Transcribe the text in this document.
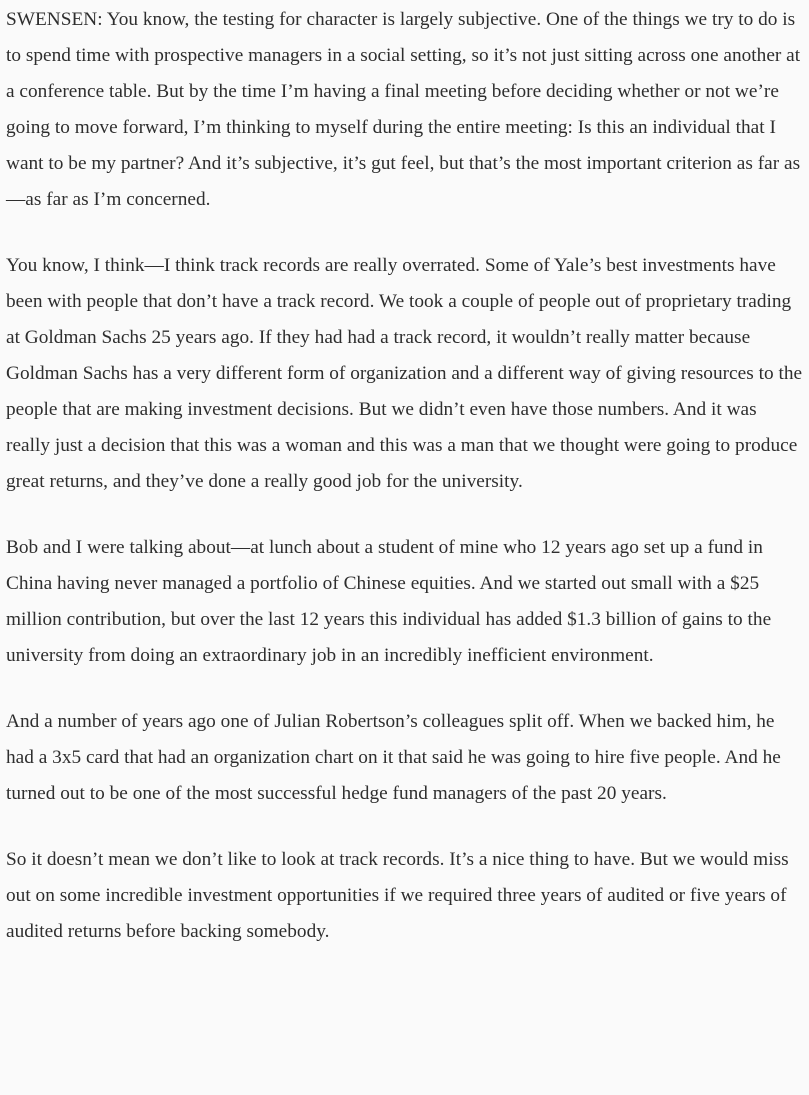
SWENSEN: You know, the testing for character is largely subjective. One of the things we try to do is to spend time with prospective managers in a social setting, so it’s not just sitting across one another at a conference table. But by the time I’m having a final meeting before deciding whether or not we’re going to move forward, I’m thinking to myself during the entire meeting: Is this an individual that I want to be my partner? And it’s subjective, it’s gut feel, but that’s the most important criterion as far as—as far as I’m concerned.

You know, I think—I think track records are really overrated. Some of Yale’s best investments have been with people that don’t have a track record. We took a couple of people out of proprietary trading at Goldman Sachs 25 years ago. If they had had a track record, it wouldn’t really matter because Goldman Sachs has a very different form of organization and a different way of giving resources to the people that are making investment decisions. But we didn’t even have those numbers. And it was really just a decision that this was a woman and this was a man that we thought were going to produce great returns, and they’ve done a really good job for the university.

Bob and I were talking about—at lunch about a student of mine who 12 years ago set up a fund in China having never managed a portfolio of Chinese equities. And we started out small with a $25 million contribution, but over the last 12 years this individual has added $1.3 billion of gains to the university from doing an extraordinary job in an incredibly inefficient environment.

And a number of years ago one of Julian Robertson’s colleagues split off. When we backed him, he had a 3x5 card that had an organization chart on it that said he was going to hire five people. And he turned out to be one of the most successful hedge fund managers of the past 20 years.

So it doesn’t mean we don’t like to look at track records. It’s a nice thing to have. But we would miss out on some incredible investment opportunities if we required three years of audited or five years of audited returns before backing somebody.
